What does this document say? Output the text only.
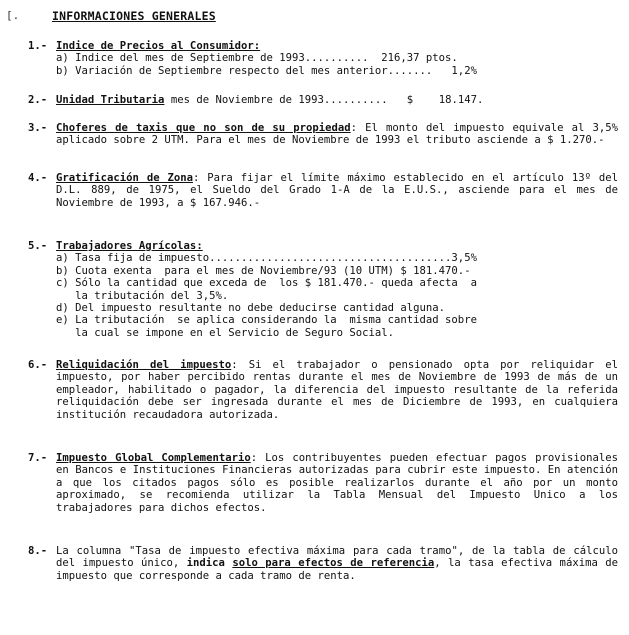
[.	INFORMACIONES GENERALES
1.- Indice de Precios al Consumidor:
a) Indice del mes de Septiembre de 1993..........  216,37 ptos.
b) Variación de Septiembre respecto del mes anterior.......   1,2%
2.- Unidad Tributaria mes de Noviembre de 1993..........   $    18.147.
3.- Choferes de taxis que no son de su propiedad: El monto del impuesto equivale al 3,5% aplicado sobre 2 UTM. Para el mes de Noviembre de 1993 el tributo asciende a $ 1.270.-
4.- Gratificación de Zona: Para fijar el límite máximo establecido en el artículo 13º del D.L. 889, de 1975, el Sueldo del Grado 1-A de la E.U.S., asciende para el mes de Noviembre de 1993, a $ 167.946.-
5.- Trabajadores Agrícolas:
a) Tasa fija de impuesto......................................3,5%
b) Cuota exenta  para el mes de Noviembre/93 (10 UTM) $ 181.470.-
c) Sólo la cantidad que exceda de  los $ 181.470.- queda afecta  a
la tributación del 3,5%.
d) Del impuesto resultante no debe deducirse cantidad alguna.
e) La tributación  se aplica considerando la  misma cantidad sobre
la cual se impone en el Servicio de Seguro Social.
6.- Reliquidación del impuesto: Si el trabajador o pensionado opta por reliquidar el impuesto, por haber percibido rentas durante el mes de Noviembre de 1993 de más de un empleador, habilitado o pagador, la diferencia del impuesto resultante de la referida reliquidación debe ser ingresada durante el mes de Diciembre de 1993, en cualquiera institución recaudadora autorizada.
7.- Impuesto Global Complementario: Los contribuyentes pueden efectuar pagos provisionales en Bancos e Instituciones Financieras autorizadas para cubrir este impuesto. En atención a que los citados pagos sólo es posible realizarlos durante el año por un monto aproximado, se recomienda utilizar la Tabla Mensual del Impuesto Unico a los trabajadores para dichos efectos.
8.- La columna "Tasa de impuesto efectiva máxima para cada tramo", de la tabla de cálculo del impuesto único, indica solo para efectos de referencia, la tasa efectiva máxima de impuesto que corresponde a cada tramo de renta.
